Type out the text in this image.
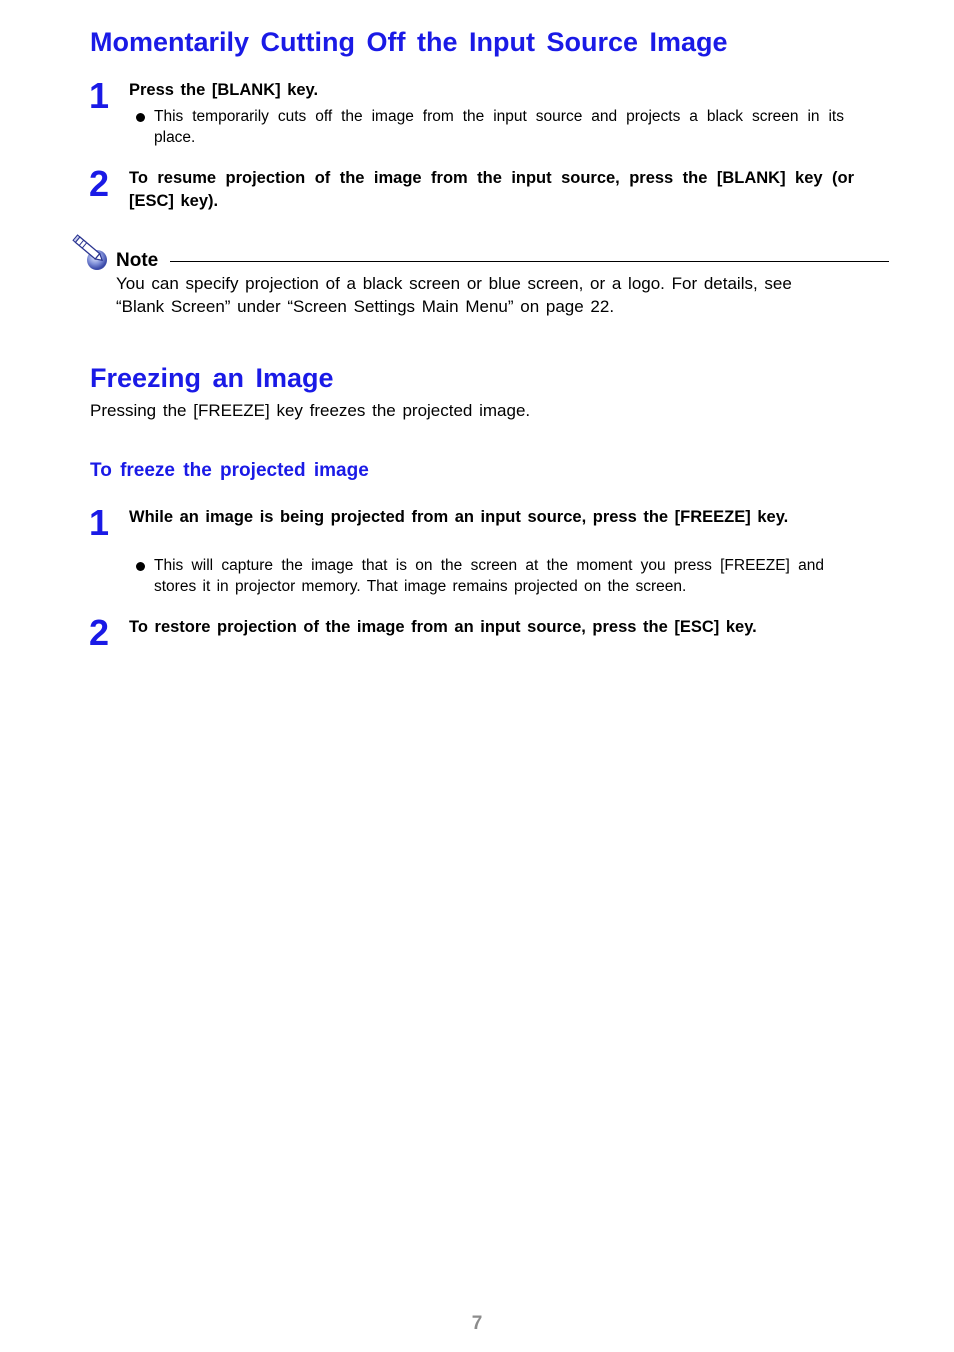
Momentarily Cutting Off the Input Source Image
1 Press the [BLANK] key.
This temporarily cuts off the image from the input source and projects a black screen in its place.
2 To resume projection of the image from the input source, press the [BLANK] key (or [ESC] key).
Note
You can specify projection of a black screen or blue screen, or a logo. For details, see “Blank Screen” under “Screen Settings Main Menu” on page 22.
Freezing an Image
Pressing the [FREEZE] key freezes the projected image.
To freeze the projected image
1 While an image is being projected from an input source, press the [FREEZE] key.
This will capture the image that is on the screen at the moment you press [FREEZE] and stores it in projector memory. That image remains projected on the screen.
2 To restore projection of the image from an input source, press the [ESC] key.
7
